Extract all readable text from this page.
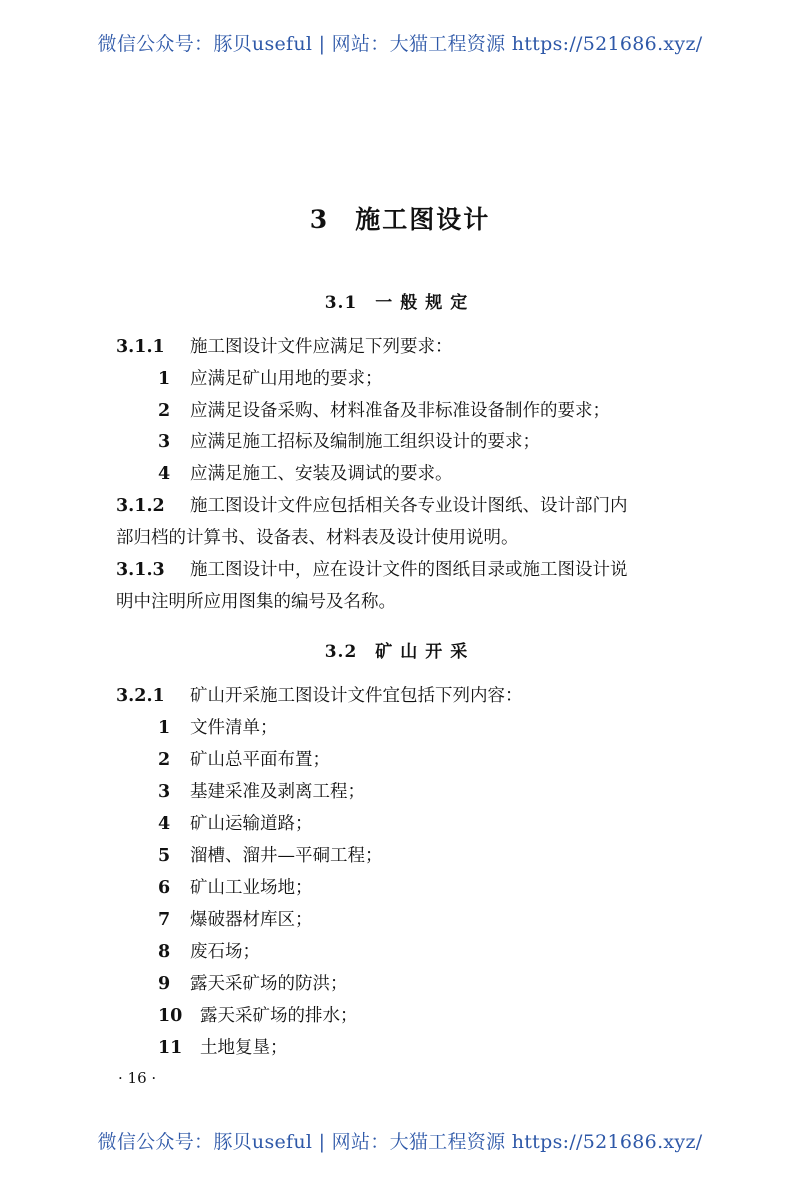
微信公众号：豚贝useful | 网站：大猫工程资源 https://521686.xyz/
3 施工图设计
3.1 一般规定
3.1.1 施工图设计文件应满足下列要求：
1 应满足矿山用地的要求；
2 应满足设备采购、材料准备及非标准设备制作的要求；
3 应满足施工招标及编制施工组织设计的要求；
4 应满足施工、安装及调试的要求。
3.1.2 施工图设计文件应包括相关各专业设计图纸、设计部门内
部归档的计算书、设备表、材料表及设计使用说明。
3.1.3 施工图设计中，应在设计文件的图纸目录或施工图设计说
明中注明所应用图集的编号及名称。
3.2 矿山开采
3.2.1 矿山开采施工图设计文件宜包括下列内容：
1 文件清单；
2 矿山总平面布置；
3 基建采准及剥离工程；
4 矿山运输道路；
5 溜槽、溜井—平硐工程；
6 矿山工业场地；
7 爆破器材库区；
8 废石场；
9 露天采矿场的防洪；
10 露天采矿场的排水；
11 土地复垦；
· 16 ·
微信公众号：豚贝useful | 网站：大猫工程资源 https://521686.xyz/
